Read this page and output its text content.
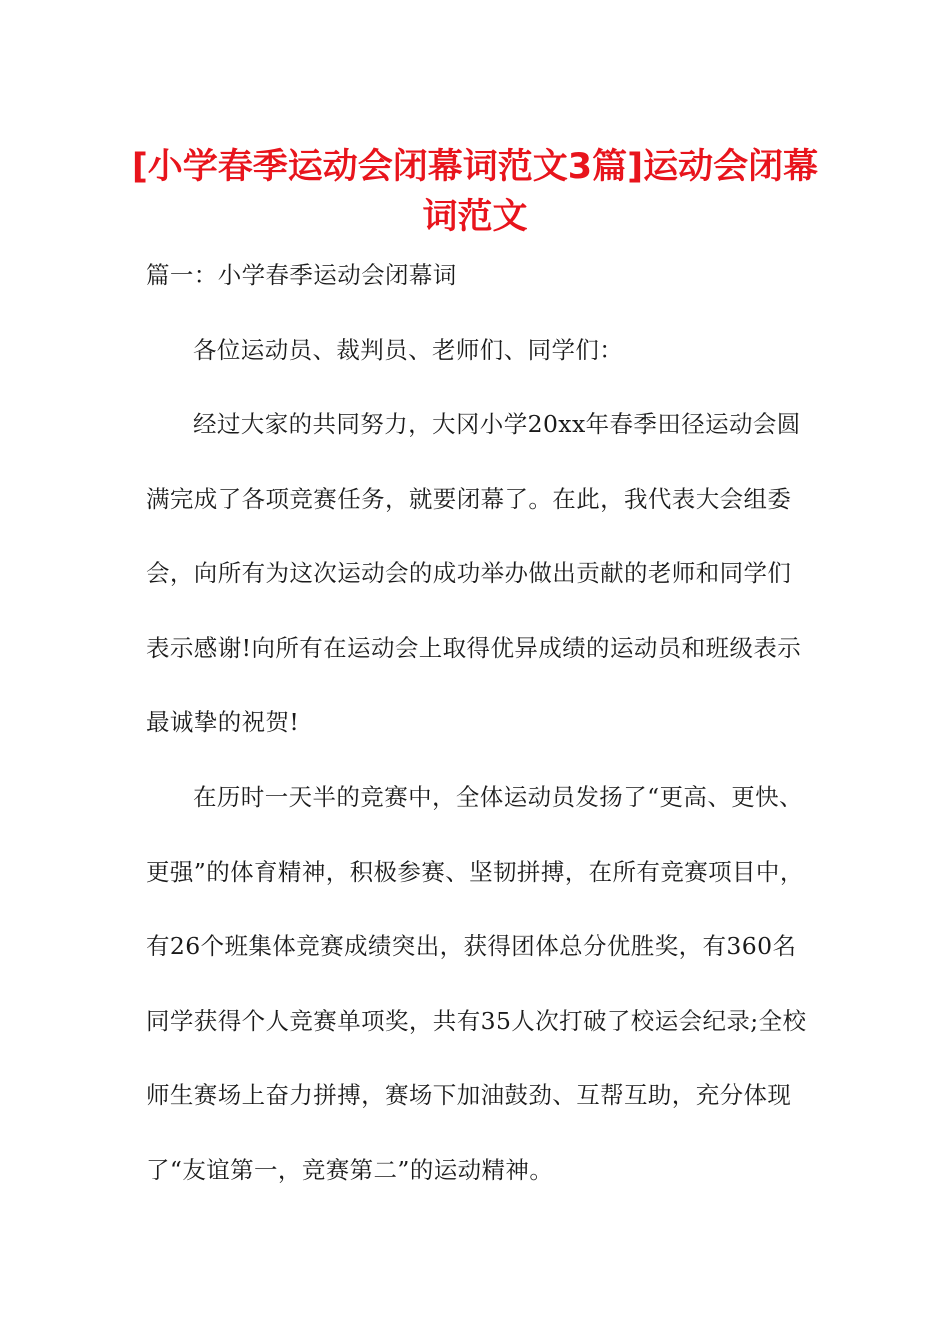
[小学春季运动会闭幕词范文3篇]运动会闭幕词范文
篇一：小学春季运动会闭幕词

各位运动员、裁判员、老师们、同学们：

经过大家的共同努力，大冈小学20xx年春季田径运动会圆满完成了各项竞赛任务，就要闭幕了。在此，我代表大会组委会，向所有为这次运动会的成功举办做出贡献的老师和同学们表示感谢!向所有在运动会上取得优异成绩的运动员和班级表示最诚挚的祝贺!

在历时一天半的竞赛中，全体运动员发扬了“更高、更快、更强”的体育精神，积极参赛、坚韧拼搏，在所有竞赛项目中，有26个班集体竞赛成绩突出，获得团体总分优胜奖，有360名同学获得个人竞赛单项奖，共有35人次打破了校运会纪录;全校师生赛场上奋力拼搏，赛场下加油鼓劲、互帮互助，充分体现了“友谊第一，竞赛第二”的运动精神。
